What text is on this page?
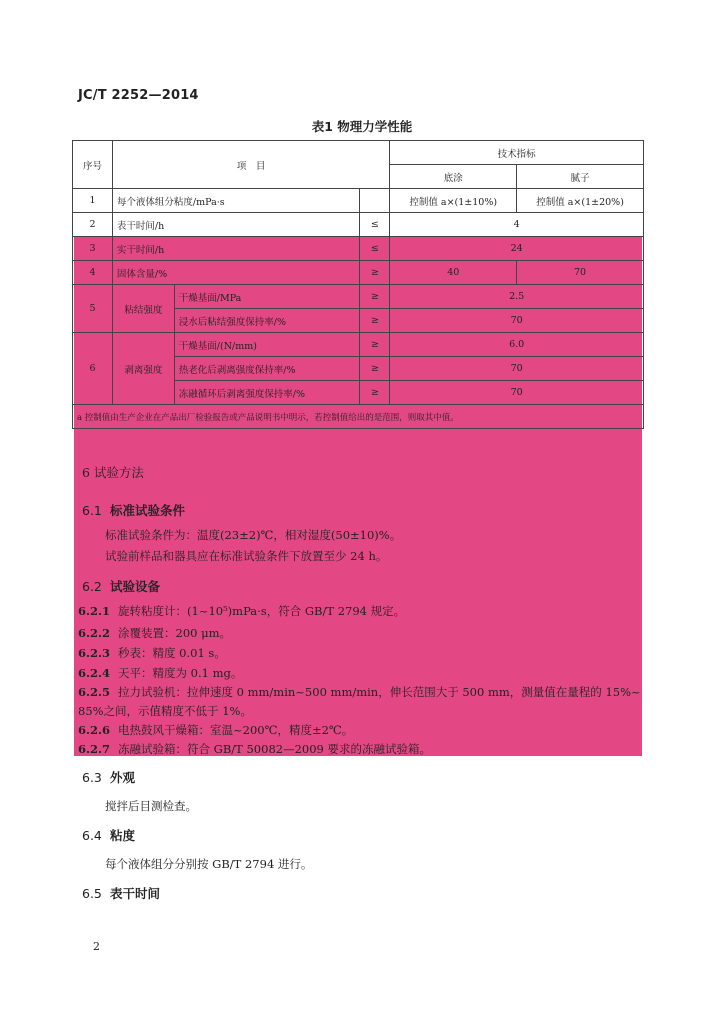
JC/T 2252—2014
表1 物理力学性能
序号	项　目			技术指标	
				底涂	腻子
1	每个液体组分粘度/mPa·s			控制值 a×(1±10%)	控制值 a×(1±20%)
2	表干时间/h		≤	4	
3	实干时间/h		≤	24	
4	固体含量/%		≥	40	70
5	粘结强度	干燥基面/MPa	≥	2.5	
		浸水后粘结强度保持率/%	≥	70	
6	剥离强度	干燥基面/(N/mm)	≥	6.0	
		热老化后剥离强度保持率/%	≥	70	
		冻融循环后剥离强度保持率/%	≥	70	
a 控制值由生产企业在产品出厂检验报告或产品说明书中明示，若控制值给出的是范围，则取其中值。					
6 试验方法
6.1 标准试验条件
标准试验条件为：温度(23±2)℃，相对湿度(50±10)%。
试验前样品和器具应在标准试验条件下放置至少 24 h。
6.2 试验设备
6.2.1 旋转粘度计：(1~10⁵)mPa·s，符合 GB/T 2794 规定。
6.2.2 涂覆装置：200 μm。
6.2.3 秒表：精度 0.01 s。
6.2.4 天平：精度为 0.1 mg。
6.2.5 拉力试验机：拉伸速度 0 mm/min~500 mm/min，伸长范围大于 500 mm，测量值在量程的 15%~
85%之间，示值精度不低于 1%。
6.2.6 电热鼓风干燥箱：室温~200℃，精度±2℃。
6.2.7 冻融试验箱：符合 GB/T 50082—2009 要求的冻融试验箱。
6.3 外观
搅拌后目测检查。
6.4 粘度
每个液体组分分别按 GB/T 2794 进行。
6.5 表干时间
2
